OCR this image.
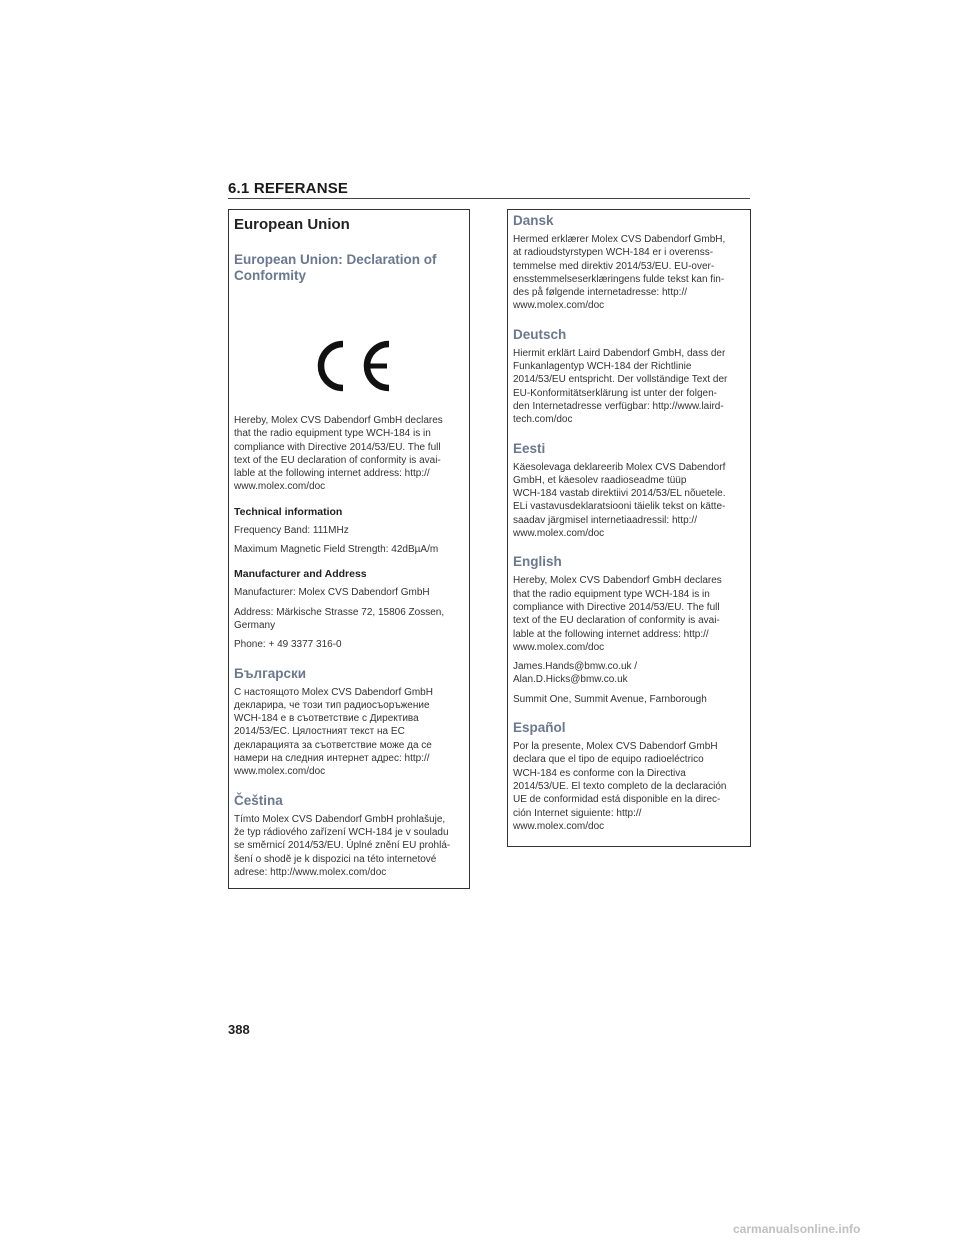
6.1 REFERANSE
European Union
European Union: Declaration of
Conformity
Hereby, Molex CVS Dabendorf GmbH declares
that the radio equipment type WCH-184 is in
compliance with Directive 2014/53/EU. The full
text of the EU declaration of conformity is avai-
lable at the following internet address: http://
www.molex.com/doc
Technical information
Frequency Band: 111MHz
Maximum Magnetic Field Strength: 42dBµA/m
Manufacturer and Address
Manufacturer: Molex CVS Dabendorf GmbH
Address: Märkische Strasse 72, 15806 Zossen,
Germany
Phone: + 49 3377 316-0
Български
С настоящото Molex CVS Dabendorf GmbH
декларира, че този тип радиосъоръжение
WCH-184 е в съответствие с Директива
2014/53/ЕС. Цялостният текст на ЕС
декларацията за съответствие може да се
намери на следния интернет адрес: http://
www.molex.com/doc
Čeština
Tímto Molex CVS Dabendorf GmbH prohlašuje,
že typ rádiového zařízení WCH-184 je v souladu
se směrnicí 2014/53/EU. Úplné znění EU prohlá-
šení o shodě je k dispozici na této internetové
adrese: http://www.molex.com/doc
Dansk
Hermed erklærer Molex CVS Dabendorf GmbH,
at radioudstyrstypen WCH-184 er i overenss-
temmelse med direktiv 2014/53/EU. EU-over-
ensstemmelseserklæringens fulde tekst kan fin-
des på følgende internetadresse: http://
www.molex.com/doc
Deutsch
Hiermit erklärt Laird Dabendorf GmbH, dass der
Funkanlagentyp WCH-184 der Richtlinie
2014/53/EU entspricht. Der vollständige Text der
EU-Konformitätserklärung ist unter der folgen-
den Internetadresse verfügbar: http://www.laird-
tech.com/doc
Eesti
Käesolevaga deklareerib Molex CVS Dabendorf
GmbH, et käesolev raadioseadme tüüp
WCH-184 vastab direktiivi 2014/53/EL nõuetele.
ELi vastavusdeklaratsiooni täielik tekst on kätte-
saadav järgmisel internetiaadressil: http://
www.molex.com/doc
English
Hereby, Molex CVS Dabendorf GmbH declares
that the radio equipment type WCH-184 is in
compliance with Directive 2014/53/EU. The full
text of the EU declaration of conformity is avai-
lable at the following internet address: http://
www.molex.com/doc
James.Hands@bmw.co.uk /
Alan.D.Hicks@bmw.co.uk
Summit One, Summit Avenue, Farnborough
Español
Por la presente, Molex CVS Dabendorf GmbH
declara que el tipo de equipo radioeléctrico
WCH-184 es conforme con la Directiva
2014/53/UE. El texto completo de la declaración
UE de conformidad está disponible en la direc-
ción Internet siguiente: http://
www.molex.com/doc
388
carmanualsonline.info
